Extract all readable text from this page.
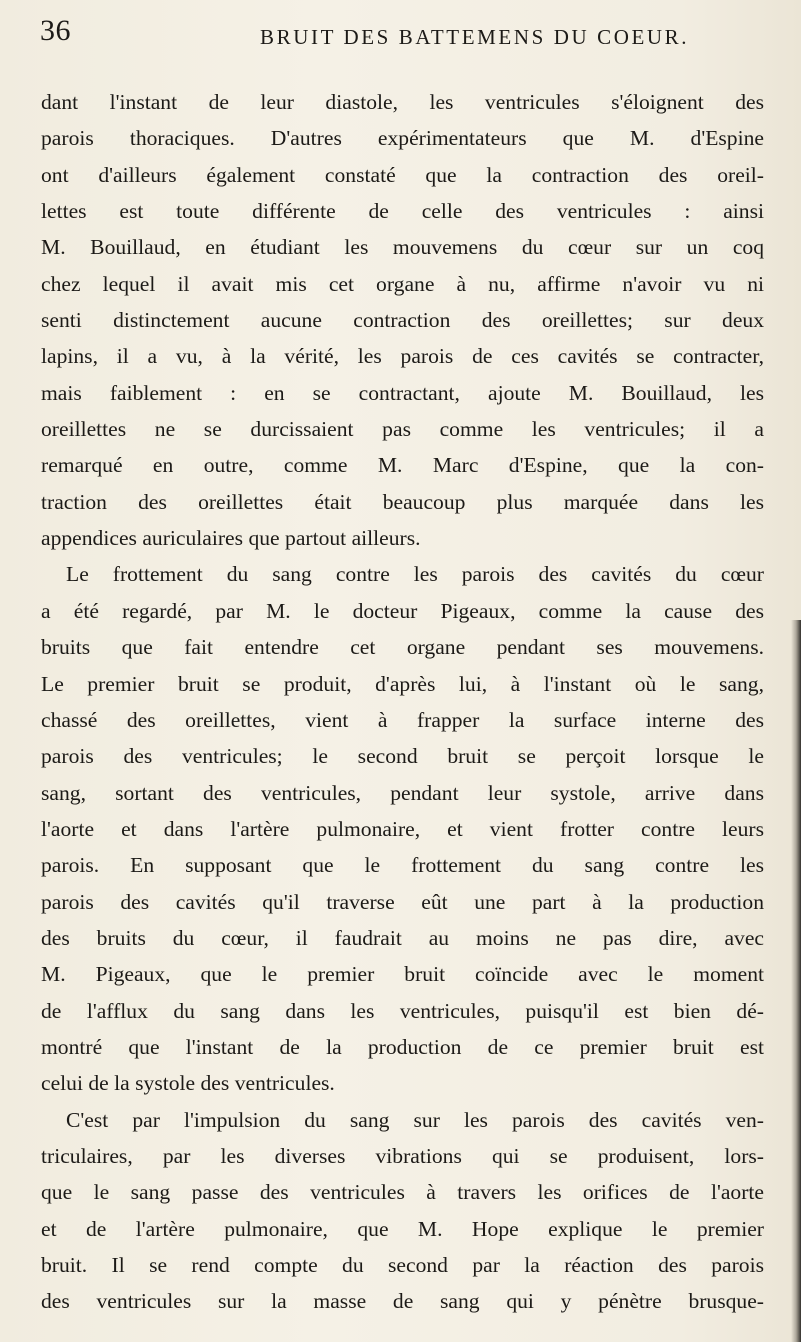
36	BRUIT DES BATTEMENS DU COEUR.
dant l'instant de leur diastole, les ventricules s'éloignent des
parois thoraciques. D'autres expérimentateurs que M. d'Espine
ont d'ailleurs également constaté que la contraction des oreil-
lettes est toute différente de celle des ventricules : ainsi
M. Bouillaud, en étudiant les mouvemens du cœur sur un coq
chez lequel il avait mis cet organe à nu, affirme n'avoir vu ni
senti distinctement aucune contraction des oreillettes; sur deux
lapins, il a vu, à la vérité, les parois de ces cavités se contracter,
mais faiblement : en se contractant, ajoute M. Bouillaud, les
oreillettes ne se durcissaient pas comme les ventricules; il a
remarqué en outre, comme M. Marc d'Espine, que la con-
traction des oreillettes était beaucoup plus marquée dans les
appendices auriculaires que partout ailleurs.
Le frottement du sang contre les parois des cavités du cœur
a été regardé, par M. le docteur Pigeaux, comme la cause des
bruits que fait entendre cet organe pendant ses mouvemens.
Le premier bruit se produit, d'après lui, à l'instant où le sang,
chassé des oreillettes, vient à frapper la surface interne des
parois des ventricules; le second bruit se perçoit lorsque le
sang, sortant des ventricules, pendant leur systole, arrive dans
l'aorte et dans l'artère pulmonaire, et vient frotter contre leurs
parois. En supposant que le frottement du sang contre les
parois des cavités qu'il traverse eût une part à la production
des bruits du cœur, il faudrait au moins ne pas dire, avec
M. Pigeaux, que le premier bruit coïncide avec le moment
de l'afflux du sang dans les ventricules, puisqu'il est bien dé-
montré que l'instant de la production de ce premier bruit est
celui de la systole des ventricules.
C'est par l'impulsion du sang sur les parois des cavités ven-
triculaires, par les diverses vibrations qui se produisent, lors-
que le sang passe des ventricules à travers les orifices de l'aorte
et de l'artère pulmonaire, que M. Hope explique le premier
bruit. Il se rend compte du second par la réaction des parois
des ventricules sur la masse de sang qui y pénètre brusque-
